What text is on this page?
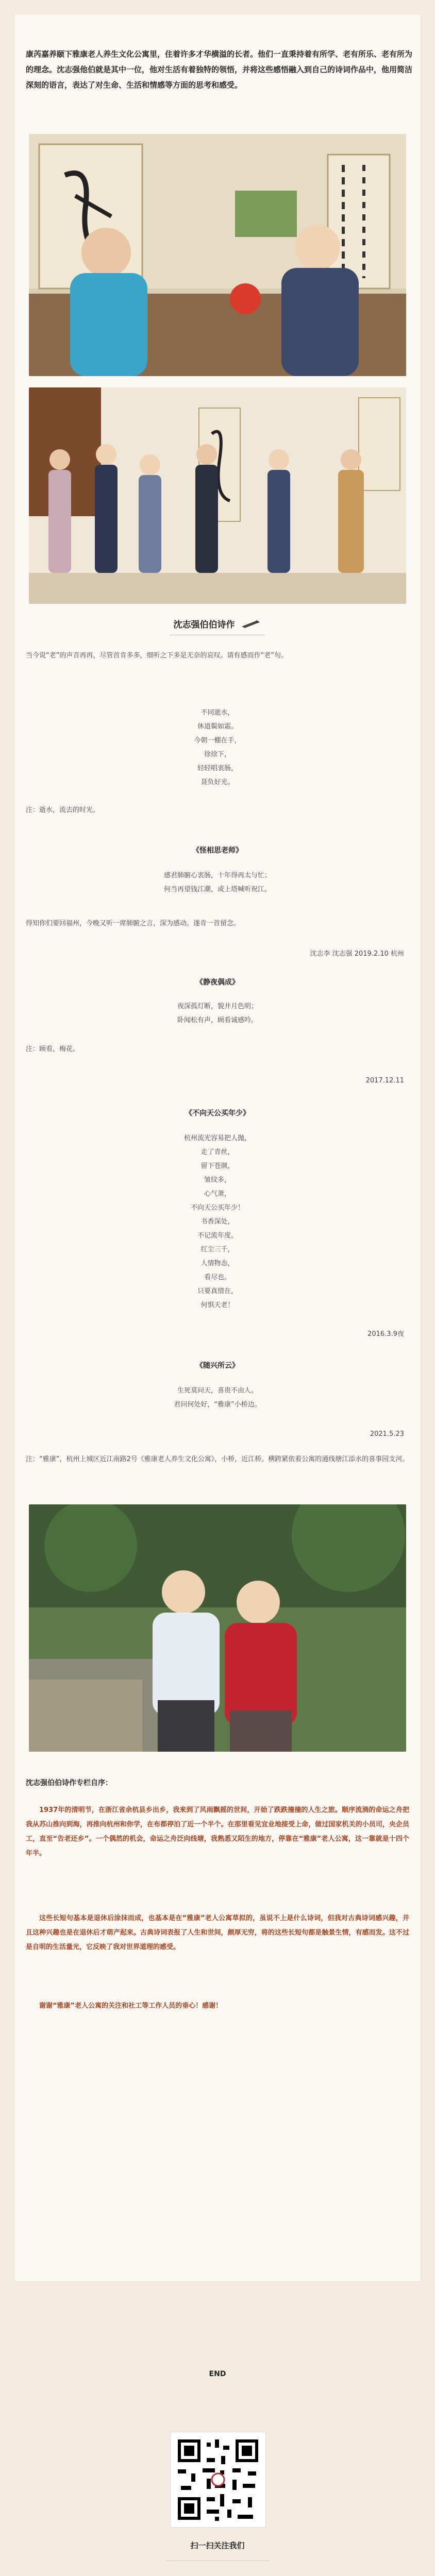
康芮嘉养颐下雅康老人养生文化公寓里，住着许多才华横溢的长者。他们一直秉持着有所学、老有所乐、老有所为的理念。沈志强他伯就是其中一位，他对生活有着独特的领悟，并将这些感悟融入到自己的诗词作品中，他用简洁深刻的语言，表达了对生命、生活和情感等方面的思考和感受。
沈志强伯伯诗作
当今说“老”的声音再再，尽管首肯多多，细听之下多是无奈的哀叹。请有感而作“老”句。
不同逝水，
休道鬓如霜。
今朝一棚在手，
徐徐下，
轻轻唱衷肠，
聂负好光。
注：逝水，流去的时光。
《怪相思老师》
感君肺腑心衷肠，十年得再太与忙；
何当再望钱江潮，或上塔喊听祝江。
得知你们要回福州，今晚又听一席肺腑之言，深为感动。遂肯一首留念。
沈志李 沈志强 2019.2.10 杭州
《静夜偶成》
夜深孤灯断，貌井月色明；
卧闻松有声，顾看诚感吟。
注：顾看，梅花。
2017.12.11
《不向天公买年少》
杭州流光容易把人抛，
走了青丝，
留下苍颜，
皱纹多，
心气萧，
不向天公买年少！
书香深处，
不记流年度。
红尘三千，
人情物态，
看尽也。
只要真情在，
何惧天老！
2016.3.9夜
《随兴所云》
生死莫问天，喜贵不由人。
君问何处好，“雅康”小桥边。
2021.5.23
注：“雅康”，杭州上城区近江南路2号《雅康老人养生文化公寓》，小桥，近江桥。横跨紧依着公寓的通线塘江添水的喜事园支河。
沈志强伯伯诗作专栏自序：
1937年的清明节，在浙江省余杭县乡出乡，我来到了风雨飘摇的世间，开始了跌跌撞撞的人生之旅。顺序流淌的命运之舟把我从苏山推向到海，再推向杭州和你学，在布都停泊了近一个半个。在那里看见宜业地接受上命，做过国家机关的小员司，央企员工，直至“告老还乡”。一个偶然的机会，命运之舟泛向线塘，我熟悉又陌生的地方，停靠在“雅康”老人公寓，这一靠就是十四个年半。
这些长短句基本是退休后涂抹而成，也基本是在“雅康”老人公寓草拟的，虽说不上是什么诗词，但我对古典诗词感兴趣，并且这种兴趣也是在退休后才萌产起来。古典诗词表报了人生和世间，颇厚无穷，将的这些长短句都是触景生情，有感而发。这不过是自明的生活量光，它反映了我对世界道理的感受。
谢谢“雅康”老人公寓的关注和社工等工作人员的垂心！感谢！
END
扫一扫关注我们
